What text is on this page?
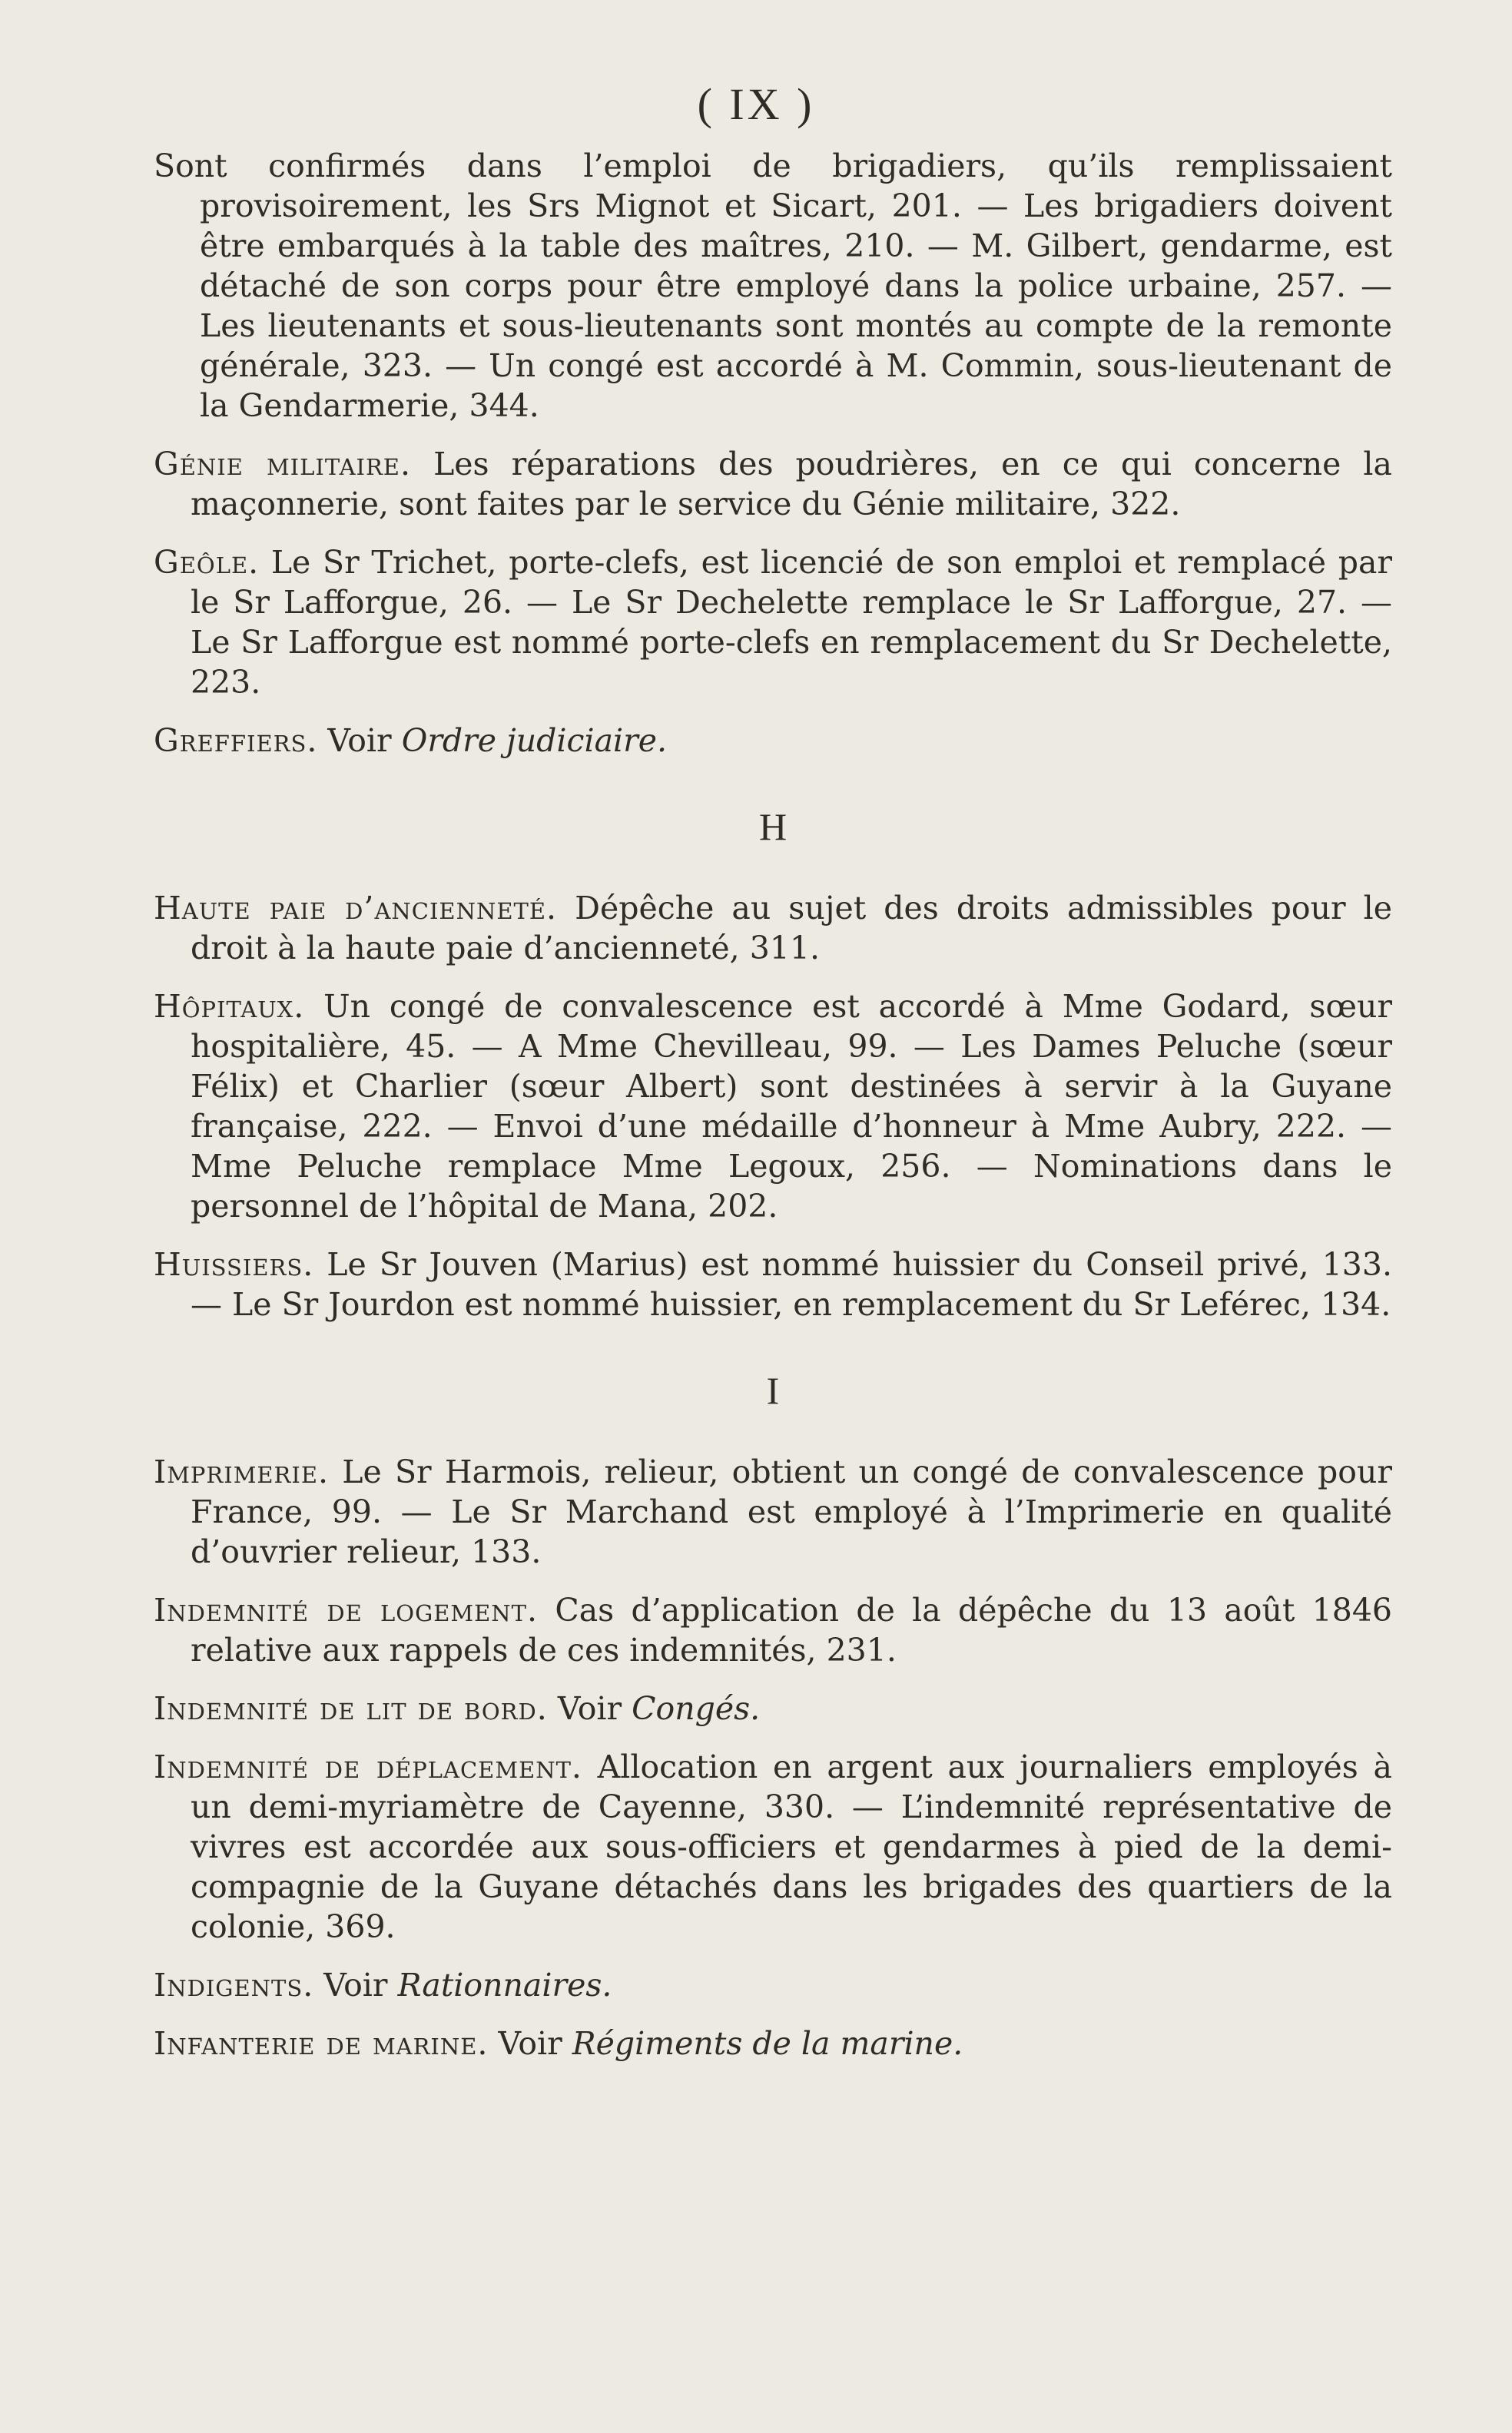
( IX )

Sont confirmés dans l’emploi de brigadiers, qu’ils remplissaient provisoirement, les Srs Mignot et Sicart, 201. — Les brigadiers doivent être embarqués à la table des maîtres, 210. — M. Gilbert, gendarme, est détaché de son corps pour être employé dans la police urbaine, 257. — Les lieutenants et sous-lieutenants sont montés au compte de la remonte générale, 323. — Un congé est accordé à M. Commin, sous-lieutenant de la Gendarmerie, 344.

Génie militaire. Les réparations des poudrières, en ce qui concerne la maçonnerie, sont faites par le service du Génie militaire, 322.

Geôle. Le Sr Trichet, porte-clefs, est licencié de son emploi et remplacé par le Sr Lafforgue, 26. — Le Sr Dechelette remplace le Sr Lafforgue, 27. — Le Sr Lafforgue est nommé porte-clefs en remplacement du Sr Dechelette, 223.

Greffiers. Voir Ordre judiciaire.

H

Haute paie d’ancienneté. Dépêche au sujet des droits admissibles pour le droit à la haute paie d’ancienneté, 311.

Hôpitaux. Un congé de convalescence est accordé à Mme Godard, sœur hospitalière, 45. — A Mme Chevilleau, 99. — Les Dames Peluche (sœur Félix) et Charlier (sœur Albert) sont destinées à servir à la Guyane française, 222. — Envoi d’une médaille d’honneur à Mme Aubry, 222. — Mme Peluche remplace Mme Legoux, 256. — Nominations dans le personnel de l’hôpital de Mana, 202.

Huissiers. Le Sr Jouven (Marius) est nommé huissier du Conseil privé, 133. — Le Sr Jourdon est nommé huissier, en remplacement du Sr Leférec, 134.

I

Imprimerie. Le Sr Harmois, relieur, obtient un congé de convalescence pour France, 99. — Le Sr Marchand est employé à l’Imprimerie en qualité d’ouvrier relieur, 133.

Indemnité de logement. Cas d’application de la dépêche du 13 août 1846 relative aux rappels de ces indemnités, 231.

Indemnité de lit de bord. Voir Congés.

Indemnité de déplacement. Allocation en argent aux journaliers employés à un demi-myriamètre de Cayenne, 330. — L’indemnité représentative de vivres est accordée aux sous-officiers et gendarmes à pied de la demi-compagnie de la Guyane détachés dans les brigades des quartiers de la colonie, 369.

Indigents. Voir Rationnaires.

Infanterie de marine. Voir Régiments de la marine.
